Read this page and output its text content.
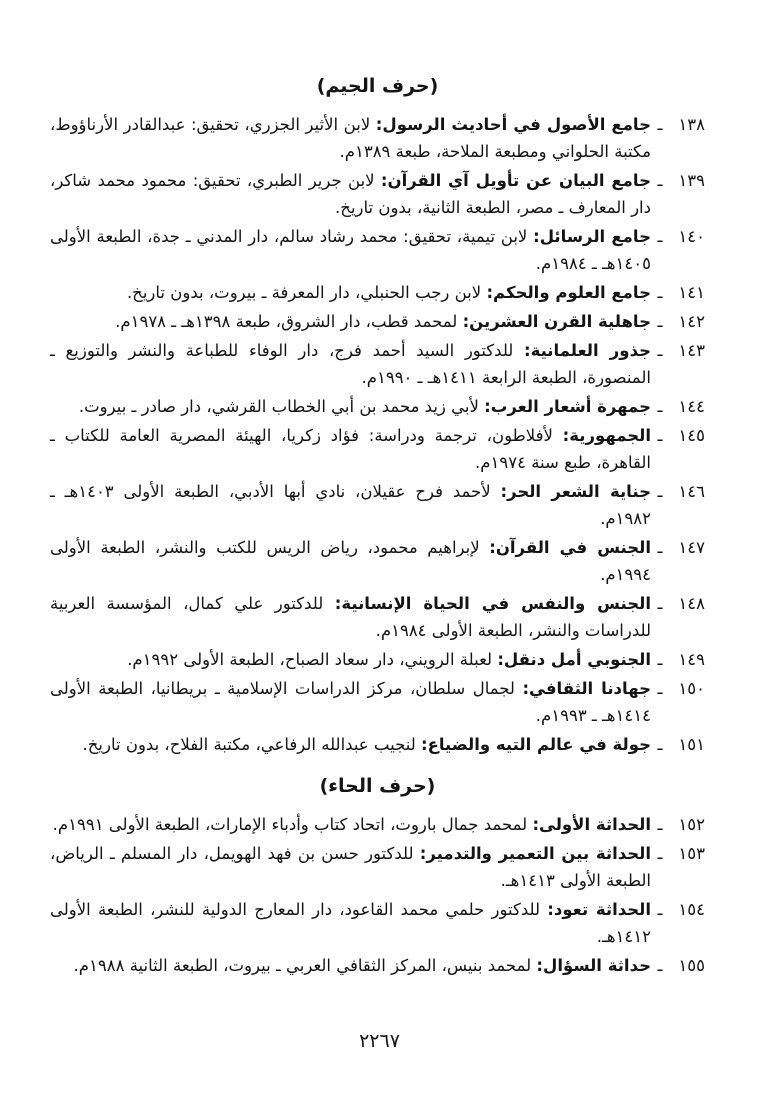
(حرف الجيم)
١٣٨
ـ
جامع الأصول في أحاديث الرسول: لابن الأثير الجزري، تحقيق: عبدالقادر الأرناؤوط، مكتبة الحلواني ومطبعة الملاحة، طبعة ١٣٨٩م.
١٣٩
ـ
جامع البيان عن تأويل آي القرآن: لابن جرير الطبري، تحقيق: محمود محمد شاكر، دار المعارف ـ مصر، الطبعة الثانية، بدون تاريخ.
١٤٠
ـ
جامع الرسائل: لابن تيمية، تحقيق: محمد رشاد سالم، دار المدني ـ جدة، الطبعة الأولى ١٤٠٥هـ ـ ١٩٨٤م.
١٤١
ـ
جامع العلوم والحكم: لابن رجب الحنبلي، دار المعرفة ـ بيروت، بدون تاريخ.
١٤٢
ـ
جاهلية القرن العشرين: لمحمد قطب، دار الشروق، طبعة ١٣٩٨هـ ـ ١٩٧٨م.
١٤٣
ـ
جذور العلمانية: للدكتور السيد أحمد فرج، دار الوفاء للطباعة والنشر والتوزيع ـ المنصورة، الطبعة الرابعة ١٤١١هـ ـ ١٩٩٠م.
١٤٤
ـ
جمهرة أشعار العرب: لأبي زيد محمد بن أبي الخطاب القرشي، دار صادر ـ بيروت.
١٤٥
ـ
الجمهورية: لأفلاطون، ترجمة ودراسة: فؤاد زكريا، الهيئة المصرية العامة للكتاب ـ القاهرة، طبع سنة ١٩٧٤م.
١٤٦
ـ
جناية الشعر الحر: لأحمد فرح عقيلان، نادي أبها الأدبي، الطبعة الأولى ١٤٠٣هـ ـ ١٩٨٢م.
١٤٧
ـ
الجنس في القرآن: لإبراهيم محمود، رياض الريس للكتب والنشر، الطبعة الأولى ١٩٩٤م.
١٤٨
ـ
الجنس والنفس في الحياة الإنسانية: للدكتور علي كمال، المؤسسة العربية للدراسات والنشر، الطبعة الأولى ١٩٨٤م.
١٤٩
ـ
الجنوبي أمل دنقل: لعبلة الرويني، دار سعاد الصباح، الطبعة الأولى ١٩٩٢م.
١٥٠
ـ
جهادنا الثقافي: لجمال سلطان، مركز الدراسات الإسلامية ـ بريطانيا، الطبعة الأولى ١٤١٤هـ ـ ١٩٩٣م.
١٥١
ـ
جولة في عالم التيه والضياع: لنجيب عبدالله الرفاعي، مكتبة الفلاح، بدون تاريخ.
(حرف الحاء)
١٥٢
ـ
الحداثة الأولى: لمحمد جمال باروت، اتحاد كتاب وأدباء الإمارات، الطبعة الأولى ١٩٩١م.
١٥٣
ـ
الحداثة بين التعمير والتدمير: للدكتور حسن بن فهد الهويمل، دار المسلم ـ الرياض، الطبعة الأولى ١٤١٣هـ.
١٥٤
ـ
الحداثة تعود: للدكتور حلمي محمد القاعود، دار المعارج الدولية للنشر، الطبعة الأولى ١٤١٢هـ.
١٥٥
ـ
حداثة السؤال: لمحمد بنيس، المركز الثقافي العربي ـ بيروت، الطبعة الثانية ١٩٨٨م.
٢٢٦٧
